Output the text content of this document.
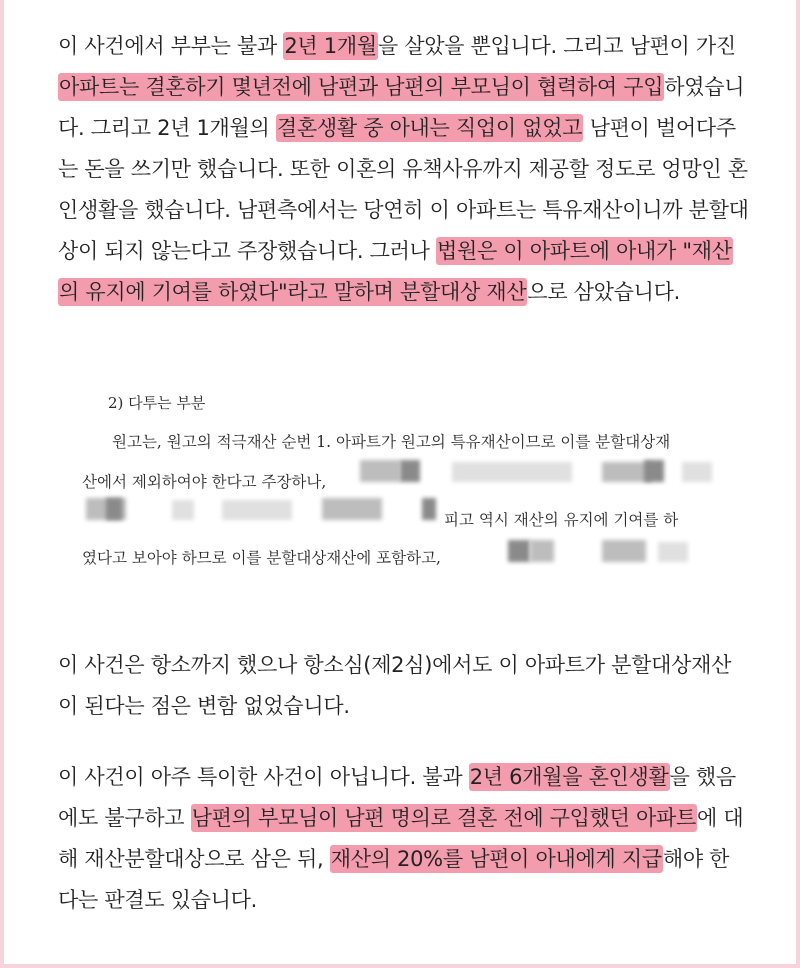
이 사건에서 부부는 불과 2년 1개월을 살았을 뿐입니다. 그리고 남편이 가진
아파트는 결혼하기 몇년전에 남편과 남편의 부모님이 협력하여 구입하였습니
다. 그리고 2년 1개월의 결혼생활 중 아내는 직업이 없었고 남편이 벌어다주
는 돈을 쓰기만 했습니다. 또한 이혼의 유책사유까지 제공할 정도로 엉망인 혼
인생활을 했습니다. 남편측에서는 당연히 이 아파트는 특유재산이니까 분할대
상이 되지 않는다고 주장했습니다. 그러나 법원은 이 아파트에 아내가 "재산
의 유지에 기여를 하였다"라고 말하며 분할대상 재산으로 삼았습니다.
2) 다투는 부분
원고는, 원고의 적극재산 순번 1. 아파트가 원고의 특유재산이므로 이를 분할대상재
산에서 제외하여야 한다고 주장하나,
피고 역시 재산의 유지에 기여를 하
였다고 보아야 하므로 이를 분할대상재산에 포함하고,
이 사건은 항소까지 했으나 항소심(제2심)에서도 이 아파트가 분할대상재산
이 된다는 점은 변함 없었습니다.
이 사건이 아주 특이한 사건이 아닙니다. 불과 2년 6개월을 혼인생활을 했음
에도 불구하고 남편의 부모님이 남편 명의로 결혼 전에 구입했던 아파트에 대
해 재산분할대상으로 삼은 뒤, 재산의 20%를 남편이 아내에게 지급해야 한
다는 판결도 있습니다.
